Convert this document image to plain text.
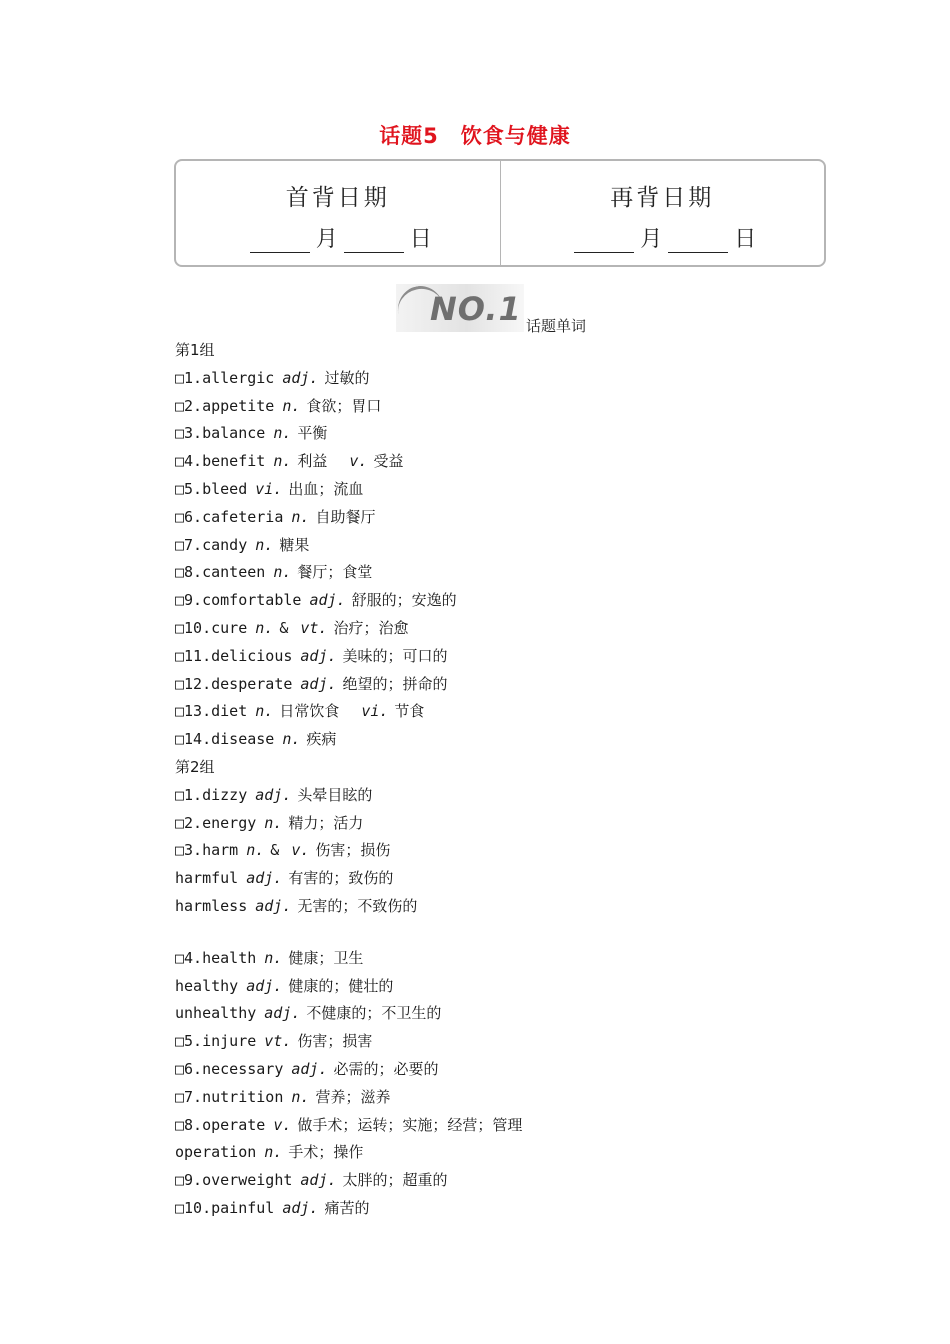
话题5　饮食与健康
首背日期
月	日
再背日期
月	日
NO.1 话题单词
第1组
□1.allergic adj. 过敏的
□2.appetite n. 食欲；胃口
□3.balance n. 平衡
□4.benefit n. 利益 v. 受益
□5.bleed vi. 出血；流血
□6.cafeteria n. 自助餐厅
□7.candy n. 糖果
□8.canteen n. 餐厅；食堂
□9.comfortable adj. 舒服的；安逸的
□10.cure n. & vt. 治疗；治愈
□11.delicious adj. 美味的；可口的
□12.desperate adj. 绝望的；拼命的
□13.diet n. 日常饮食 vi. 节食
□14.disease n. 疾病
第2组
□1.dizzy adj. 头晕目眩的
□2.energy n. 精力；活力
□3.harm n. & v. 伤害；损伤
harmful adj. 有害的；致伤的
harmless adj. 无害的；不致伤的
□4.health n. 健康；卫生
healthy adj. 健康的；健壮的
unhealthy adj. 不健康的；不卫生的
□5.injure vt. 伤害；损害
□6.necessary adj. 必需的；必要的
□7.nutrition n. 营养；滋养
□8.operate v. 做手术；运转；实施；经营；管理
operation n. 手术；操作
□9.overweight adj. 太胖的；超重的
□10.painful adj. 痛苦的
